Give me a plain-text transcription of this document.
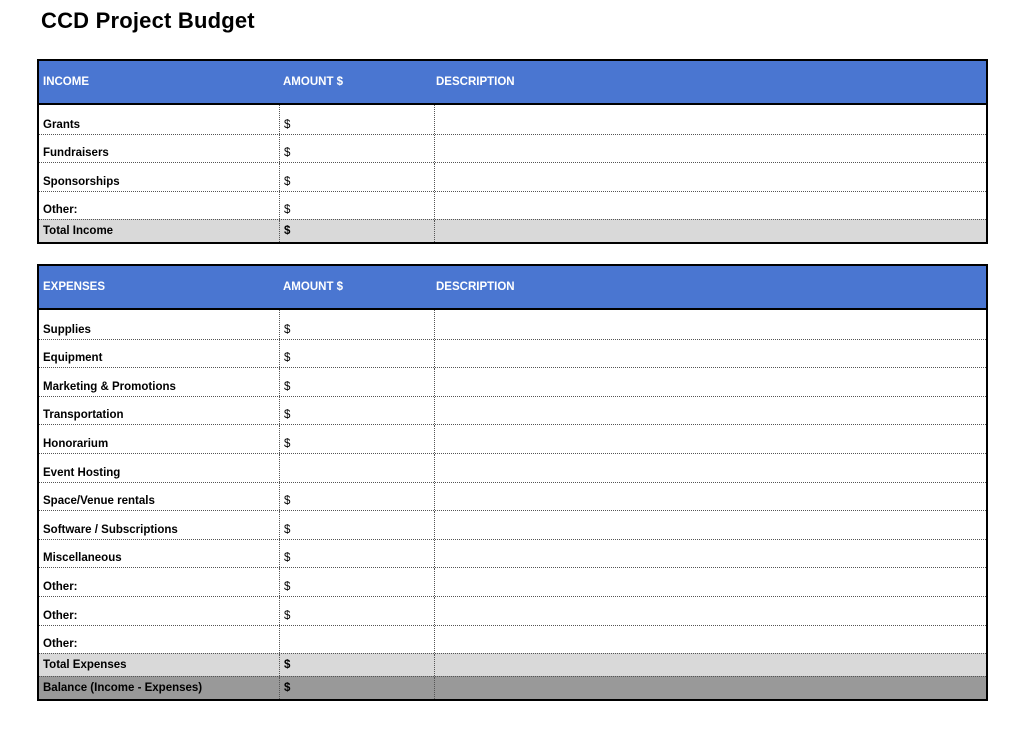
CCD Project Budget
INCOME	AMOUNT $	DESCRIPTION
Grants	$
Fundraisers	$
Sponsorships	$
Other:	$
Total Income	$
EXPENSES	AMOUNT $	DESCRIPTION
Supplies	$
Equipment	$
Marketing & Promotions	$
Transportation	$
Honorarium	$
Event Hosting
Space/Venue rentals	$
Software / Subscriptions	$
Miscellaneous	$
Other:	$
Other:	$
Other:
Total Expenses	$
Balance (Income - Expenses)	$
